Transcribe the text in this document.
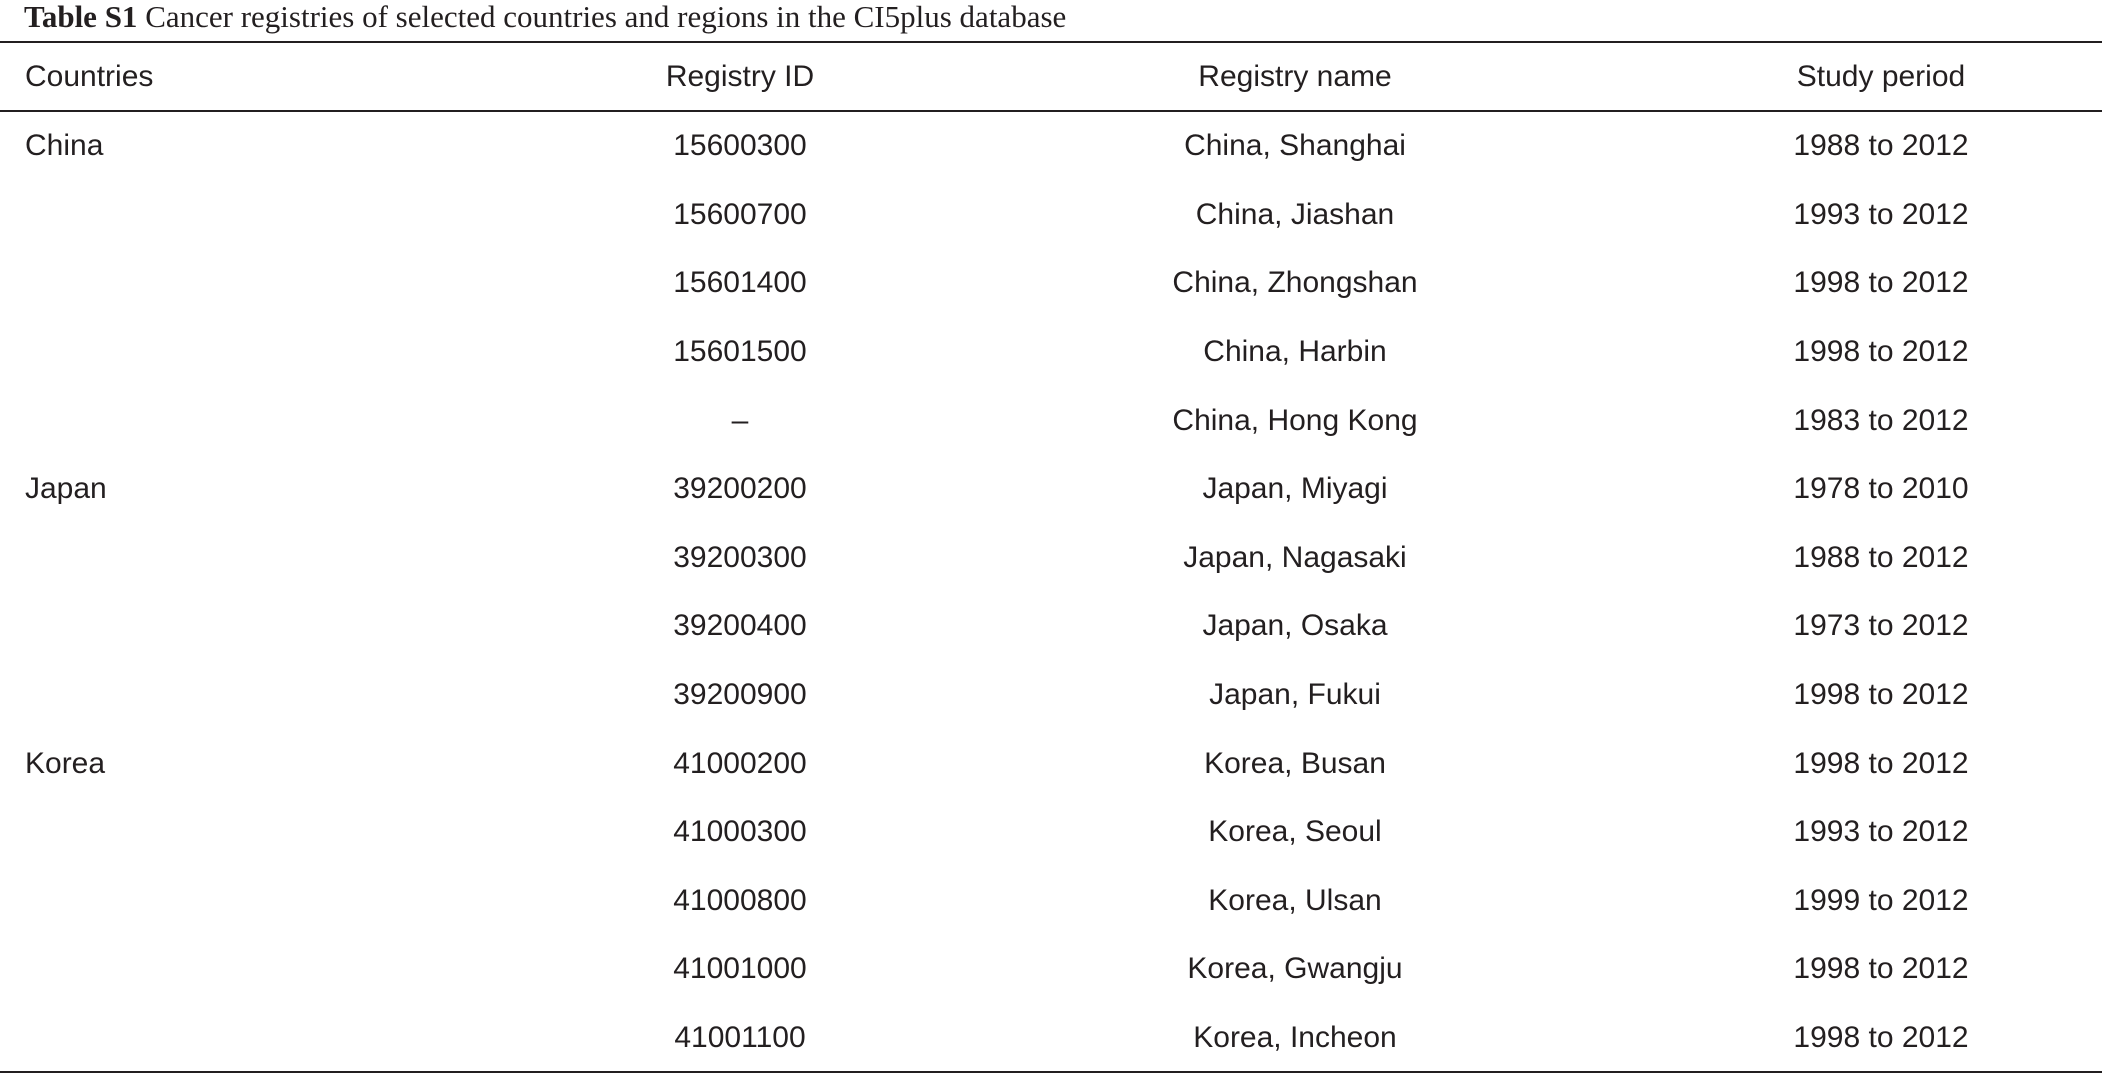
Table S1 Cancer registries of selected countries and regions in the CI5plus database
Countries	Registry ID	Registry name	Study period

China	15600300	China, Shanghai	1988 to 2012
	15600700	China, Jiashan	1993 to 2012
	15601400	China, Zhongshan	1998 to 2012
	15601500	China, Harbin	1998 to 2012
	–	China, Hong Kong	1983 to 2012
Japan	39200200	Japan, Miyagi	1978 to 2010
	39200300	Japan, Nagasaki	1988 to 2012
	39200400	Japan, Osaka	1973 to 2012
	39200900	Japan, Fukui	1998 to 2012
Korea	41000200	Korea, Busan	1998 to 2012
	41000300	Korea, Seoul	1993 to 2012
	41000800	Korea, Ulsan	1999 to 2012
	41001000	Korea, Gwangju	1998 to 2012
	41001100	Korea, Incheon	1998 to 2012
